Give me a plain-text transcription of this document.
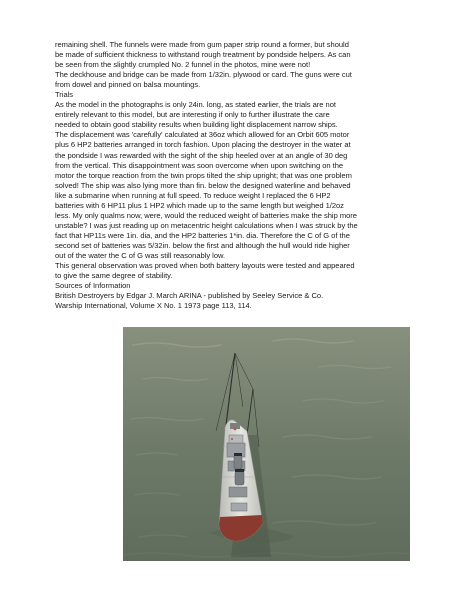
remaining shell. The funnels were made from gum paper strip round a former, but should
be made of sufficient thickness to withstand rough treatment by pondside helpers. As can
be seen from the slightly crumpled No. 2 funnel in the photos, mine were not!
The deckhouse and bridge can be made from 1/32in. plywood or card. The guns were cut
from dowel and pinned on balsa mountings.
Trials
As the model in the photographs is only 24in. long, as stated earlier, the trials are not
entirely relevant to this model, but are interesting if only to further illustrate the care
needed to obtain good stability results when building light displacement narrow ships.
The displacement was 'carefully' calculated at 36oz which allowed for an Orbit 605 motor
plus 6 HP2 batteries arranged in torch fashion. Upon placing the destroyer in the water at
the pondside I was rewarded with the sight of the ship heeled over at an angle of 30 deg
from the vertical. This disappointment was soon overcome when upon switching on the
motor the torque reaction from the twin props tilted the ship upright; that was one problem
solved! The ship was also lying more than fin. below the designed waterline and behaved
like a submarine when running at full speed. To reduce weight I replaced the 6 HP2
batteries with 6 HP11 plus 1 HP2 which made up to the same length but weighed 1/2oz
less. My only qualms now, were, would the reduced weight of batteries make the ship more
unstable? I was just reading up on metacentric height calculations when I was struck by the
fact that HP11s were 1in. dia, and the HP2 batteries 1*in. dia. Therefore the C of G of the
second set of batteries was 5/32in. below the first and although the hull would ride higher
out of the water the C of G was still reasonably low.
This general observation was proved when both battery layouts were tested and appeared
to give the same degree of stability.
Sources of Information
British Destroyers by Edgar J. March ARINA - published by Seeley Service & Co.
Warship International, Volume X No. 1 1973 page 113, 114.
